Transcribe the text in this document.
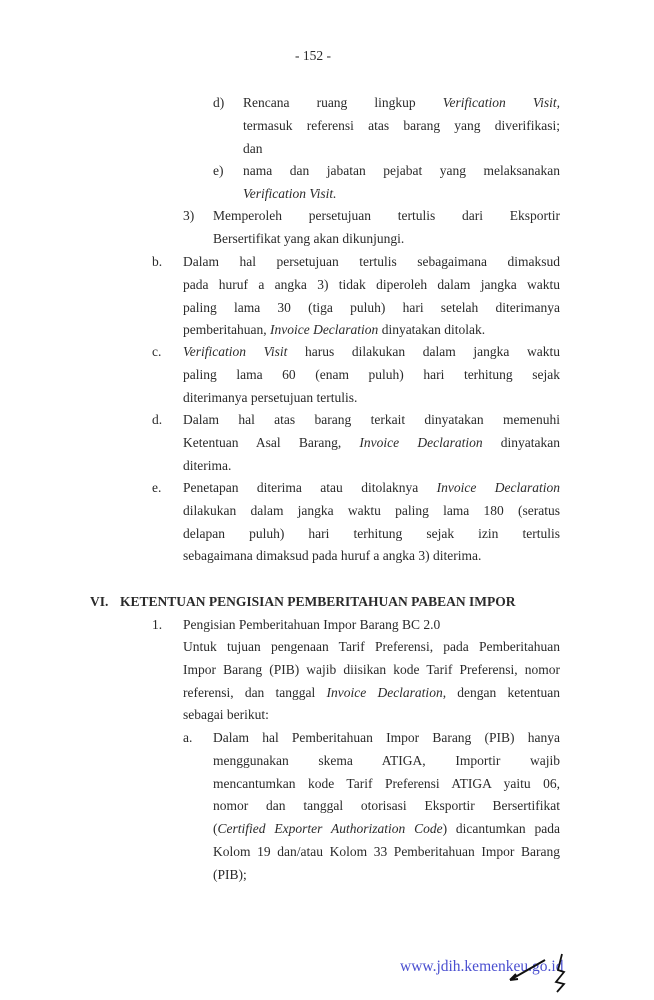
- 152 -
d) Rencana ruang lingkup Verification Visit,
termasuk referensi atas barang yang diverifikasi;
dan
e) nama dan jabatan pejabat yang melaksanakan
Verification Visit.
3) Memperoleh persetujuan tertulis dari Eksportir
Bersertifikat yang akan dikunjungi.
b. Dalam hal persetujuan tertulis sebagaimana dimaksud
pada huruf a angka 3) tidak diperoleh dalam jangka waktu
paling lama 30 (tiga puluh) hari setelah diterimanya
pemberitahuan, Invoice Declaration dinyatakan ditolak.
c. Verification Visit harus dilakukan dalam jangka waktu
paling lama 60 (enam puluh) hari terhitung sejak
diterimanya persetujuan tertulis.
d. Dalam hal atas barang terkait dinyatakan memenuhi
Ketentuan Asal Barang, Invoice Declaration dinyatakan
diterima.
e. Penetapan diterima atau ditolaknya Invoice Declaration
dilakukan dalam jangka waktu paling lama 180 (seratus
delapan puluh) hari terhitung sejak izin tertulis
sebagaimana dimaksud pada huruf a angka 3) diterima.
VI. KETENTUAN PENGISIAN PEMBERITAHUAN PABEAN IMPOR
1. Pengisian Pemberitahuan Impor Barang BC 2.0
Untuk tujuan pengenaan Tarif Preferensi, pada Pemberitahuan
Impor Barang (PIB) wajib diisikan kode Tarif Preferensi, nomor
referensi, dan tanggal Invoice Declaration, dengan ketentuan
sebagai berikut:
a. Dalam hal Pemberitahuan Impor Barang (PIB) hanya
menggunakan skema ATIGA, Importir wajib
mencantumkan kode Tarif Preferensi ATIGA yaitu 06,
nomor dan tanggal otorisasi Eksportir Bersertifikat
(Certified Exporter Authorization Code) dicantumkan pada
Kolom 19 dan/atau Kolom 33 Pemberitahuan Impor Barang
(PIB);
www.jdih.kemenkeu.go.id
